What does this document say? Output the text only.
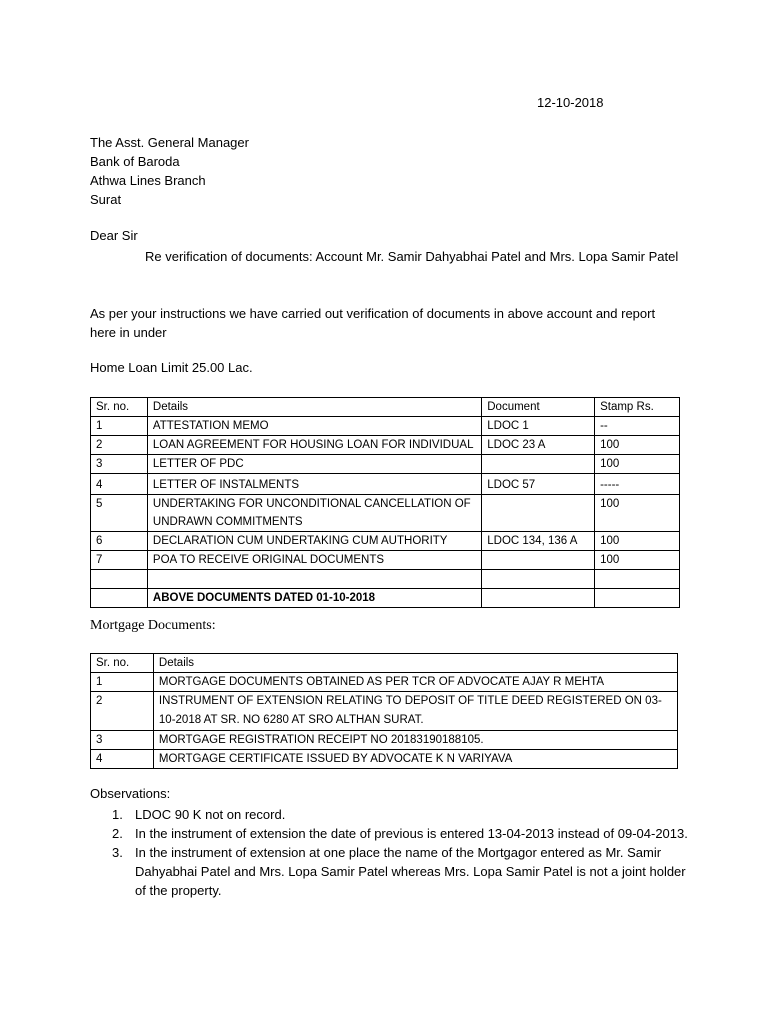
12-10-2018
The Asst. General Manager
Bank of Baroda
Athwa Lines Branch
Surat
Dear Sir
Re verification of documents: Account Mr. Samir Dahyabhai Patel and Mrs. Lopa Samir Patel
As per your instructions we have carried out verification of documents in above account and report here in under
Home Loan Limit 25.00 Lac.
Sr. no.	Details	Document	Stamp Rs.
1	ATTESTATION MEMO	LDOC 1	--
2	LOAN AGREEMENT FOR HOUSING LOAN FOR INDIVIDUAL	LDOC 23 A	100
3	LETTER OF PDC		100
4	LETTER OF INSTALMENTS	LDOC 57	-----
5	UNDERTAKING FOR UNCONDITIONAL CANCELLATION OF UNDRAWN COMMITMENTS		100
6	DECLARATION CUM UNDERTAKING CUM AUTHORITY	LDOC 134, 136 A	100
7	POA TO RECEIVE ORIGINAL DOCUMENTS		100

	ABOVE DOCUMENTS DATED 01-10-2018		
Mortgage Documents:
Sr. no.	Details
1	MORTGAGE DOCUMENTS OBTAINED AS PER TCR OF ADVOCATE AJAY R MEHTA
2	INSTRUMENT OF EXTENSION RELATING TO DEPOSIT OF TITLE DEED REGISTERED ON 03-10-2018 AT SR. NO 6280 AT SRO ALTHAN SURAT.
3	MORTGAGE REGISTRATION RECEIPT NO 20183190188105.
4	MORTGAGE CERTIFICATE ISSUED BY ADVOCATE K N VARIYAVA
Observations:
1. LDOC 90 K not on record.
2. In the instrument of extension the date of previous is entered 13-04-2013 instead of 09-04-2013.
3. In the instrument of extension at one place the name of the Mortgagor entered as Mr. Samir Dahyabhai Patel and Mrs. Lopa Samir Patel whereas Mrs. Lopa Samir Patel is not a joint holder of the property.
